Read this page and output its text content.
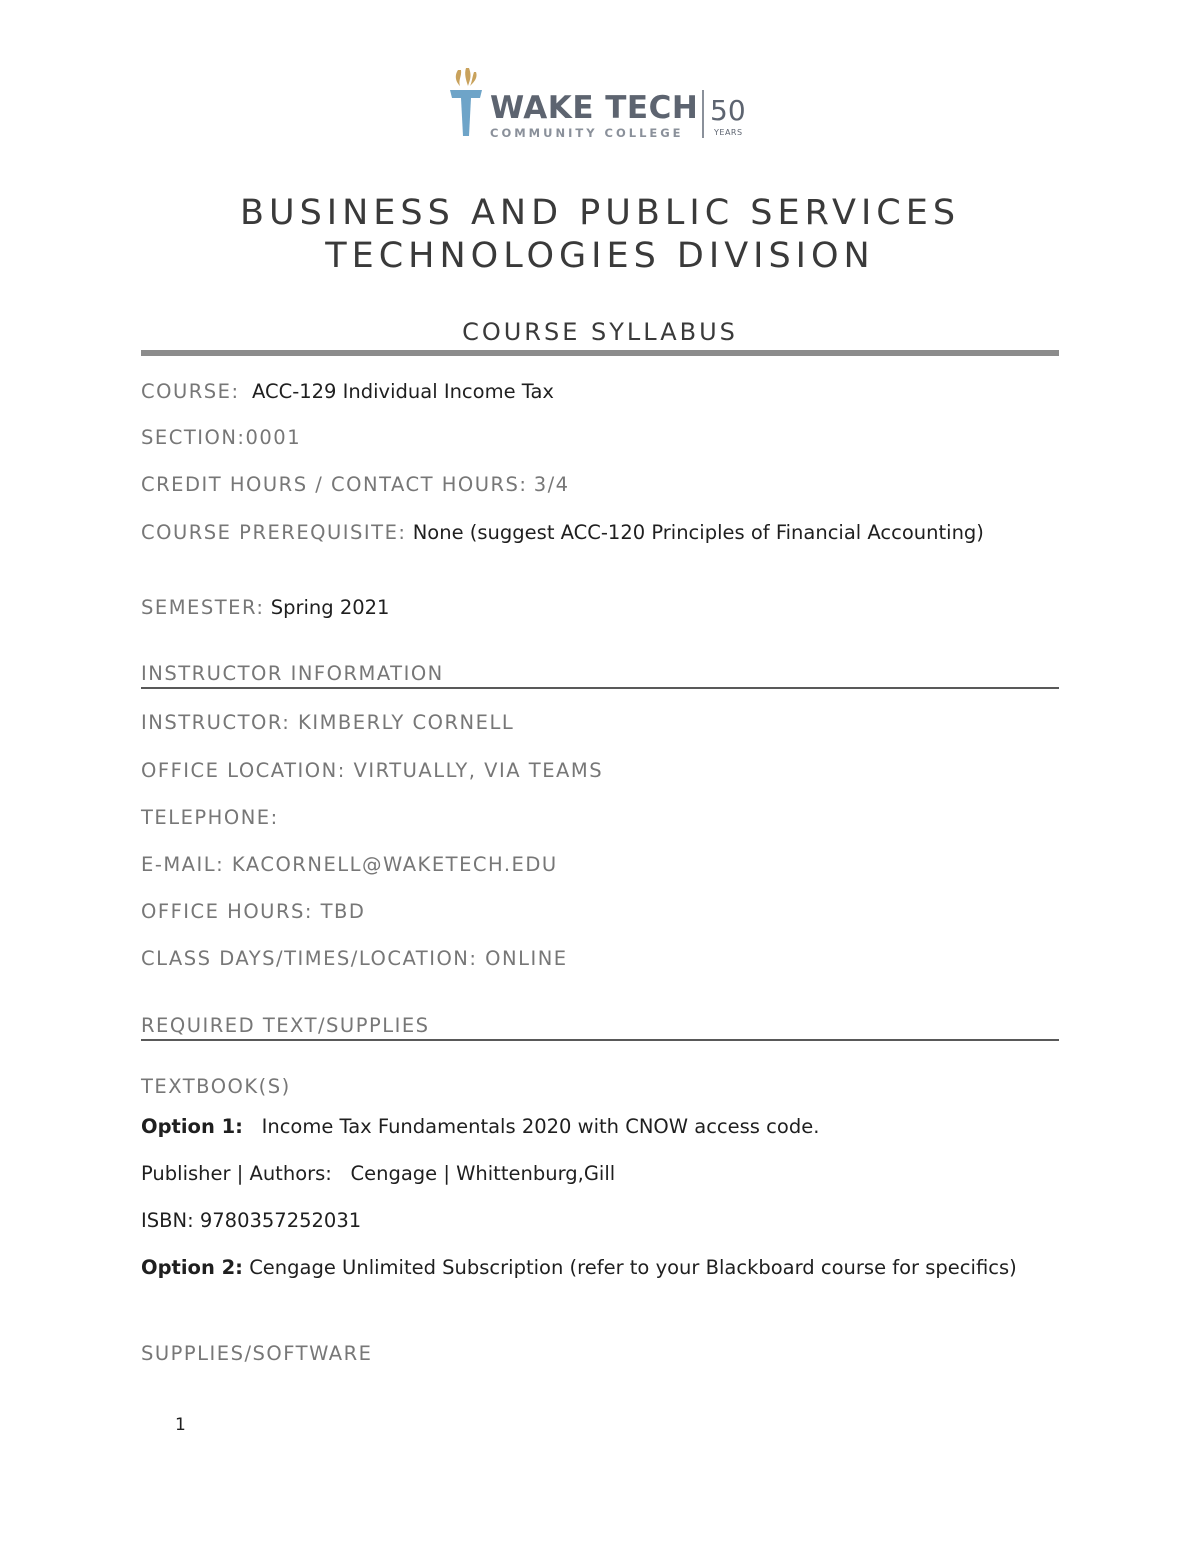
WAKE TECH
COMMUNITY COLLEGE
50
YEARS
BUSINESS AND PUBLIC SERVICES
TECHNOLOGIES DIVISION
COURSE SYLLABUS
COURSE: ACC-129 Individual Income Tax
SECTION:0001
CREDIT HOURS / CONTACT HOURS: 3/4
COURSE PREREQUISITE: None (suggest ACC-120 Principles of Financial Accounting)
SEMESTER: Spring 2021
INSTRUCTOR INFORMATION
INSTRUCTOR: KIMBERLY CORNELL
OFFICE LOCATION: VIRTUALLY, VIA TEAMS
TELEPHONE:
E-MAIL: KACORNELL@WAKETECH.EDU
OFFICE HOURS: TBD
CLASS DAYS/TIMES/LOCATION: ONLINE
REQUIRED TEXT/SUPPLIES
TEXTBOOK(S)
Option 1: Income Tax Fundamentals 2020 with CNOW access code.
Publisher | Authors: Cengage | Whittenburg,Gill
ISBN: 9780357252031
Option 2: Cengage Unlimited Subscription (refer to your Blackboard course for specifics)
SUPPLIES/SOFTWARE
1
